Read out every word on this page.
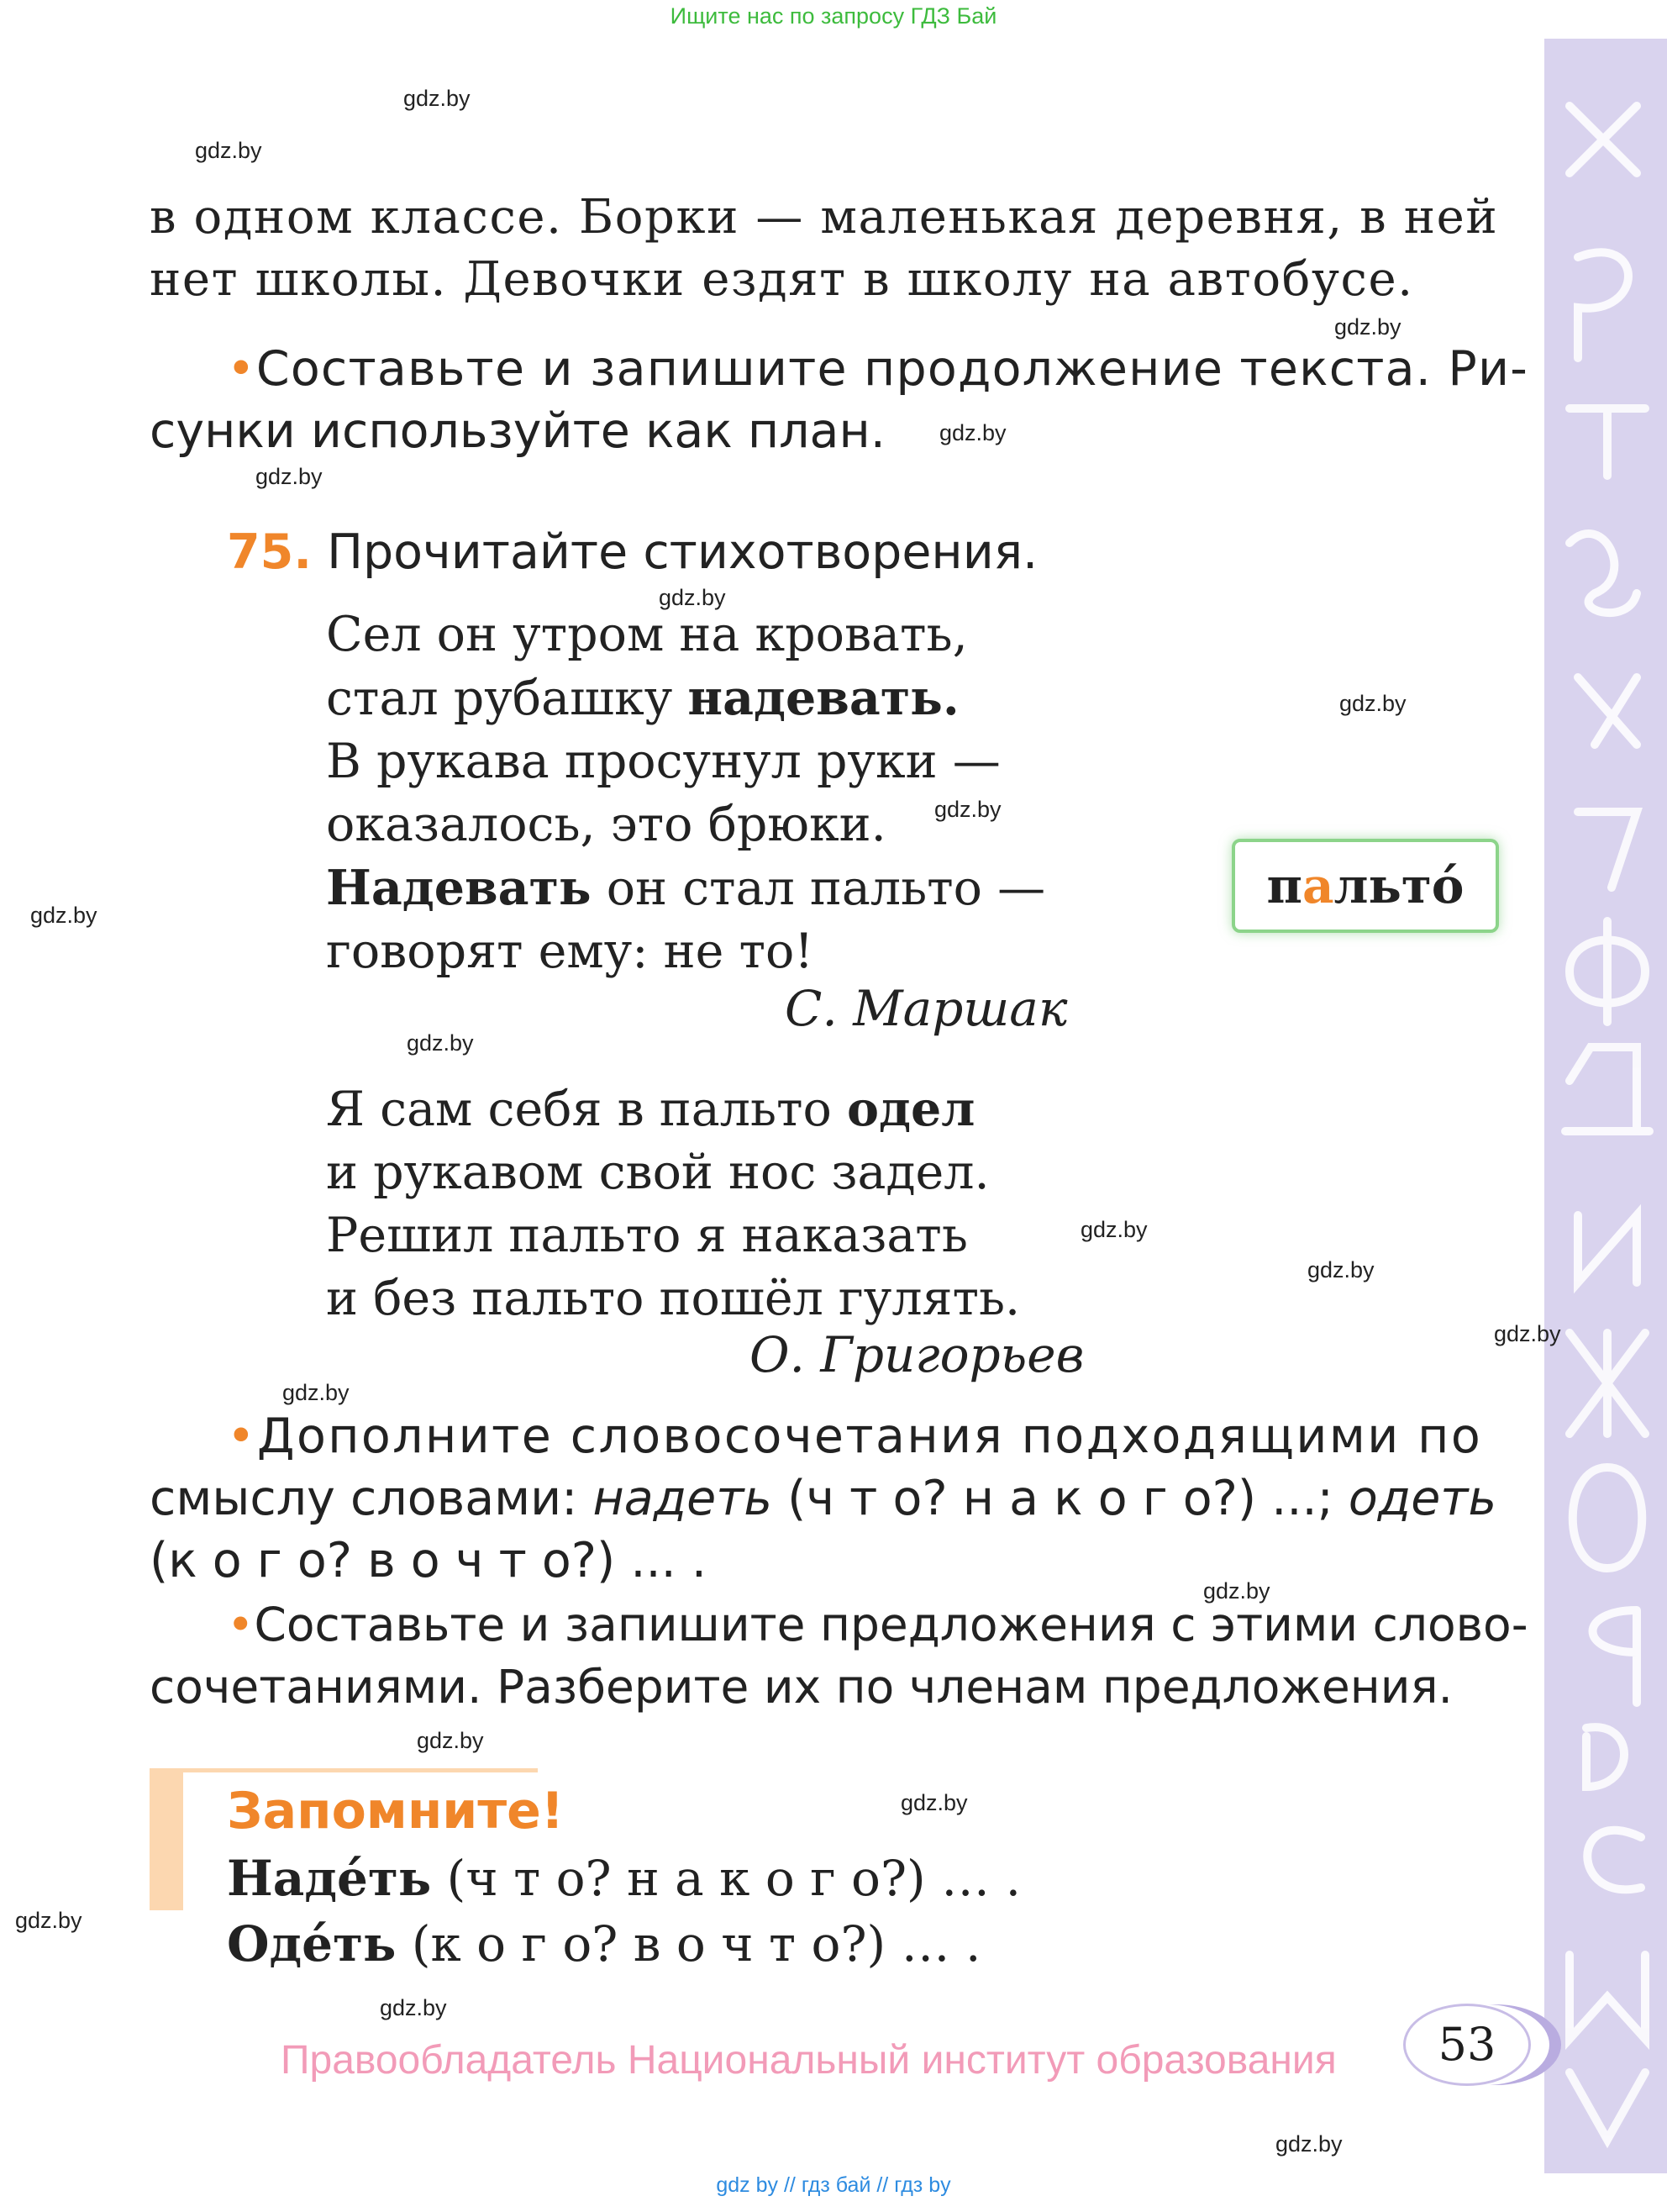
Ищите нас по запросу ГДЗ Бай
gdz by // гдз бай // гдз by
gdz.by
gdz.by
gdz.by
gdz.by
gdz.by
gdz.by
gdz.by
gdz.by
gdz.by
gdz.by
gdz.by
gdz.by
gdz.by
gdz.by
gdz.by
gdz.by
gdz.by
gdz.by
gdz.by
gdz.by
в одном классе. Борки — маленькая деревня, в ней
нет школы. Девочки ездят в школу на автобусе.
•Составьте и запишите продолжение текста. Ри-
сунки используйте как план.
75. Прочитайте стихотворения.
Сел он утром на кровать,
стал рубашку надевать.
В рукава просунул руки —
оказалось, это брюки.
Надевать он стал пальто —
говорят ему: не то!
С. Маршак
пальто́
Я сам себя в пальто одел
и рукавом свой нос задел.
Решил пальто я наказать
и без пальто пошёл гулять.
О. Григорьев
•Дополните словосочетания подходящими по
смыслу словами: надеть (ч т о? н а к о г о?) ...; одеть
(к о г о? в о ч т о?) ... .
•Составьте и запишите предложения с этими слово-
сочетаниями. Разберите их по членам предложения.
Запомните!
Наде́ть (ч т о? н а к о г о?) … .
Оде́ть (к о г о? в о ч т о?) … .
53
Правообладатель Национальный институт образования
